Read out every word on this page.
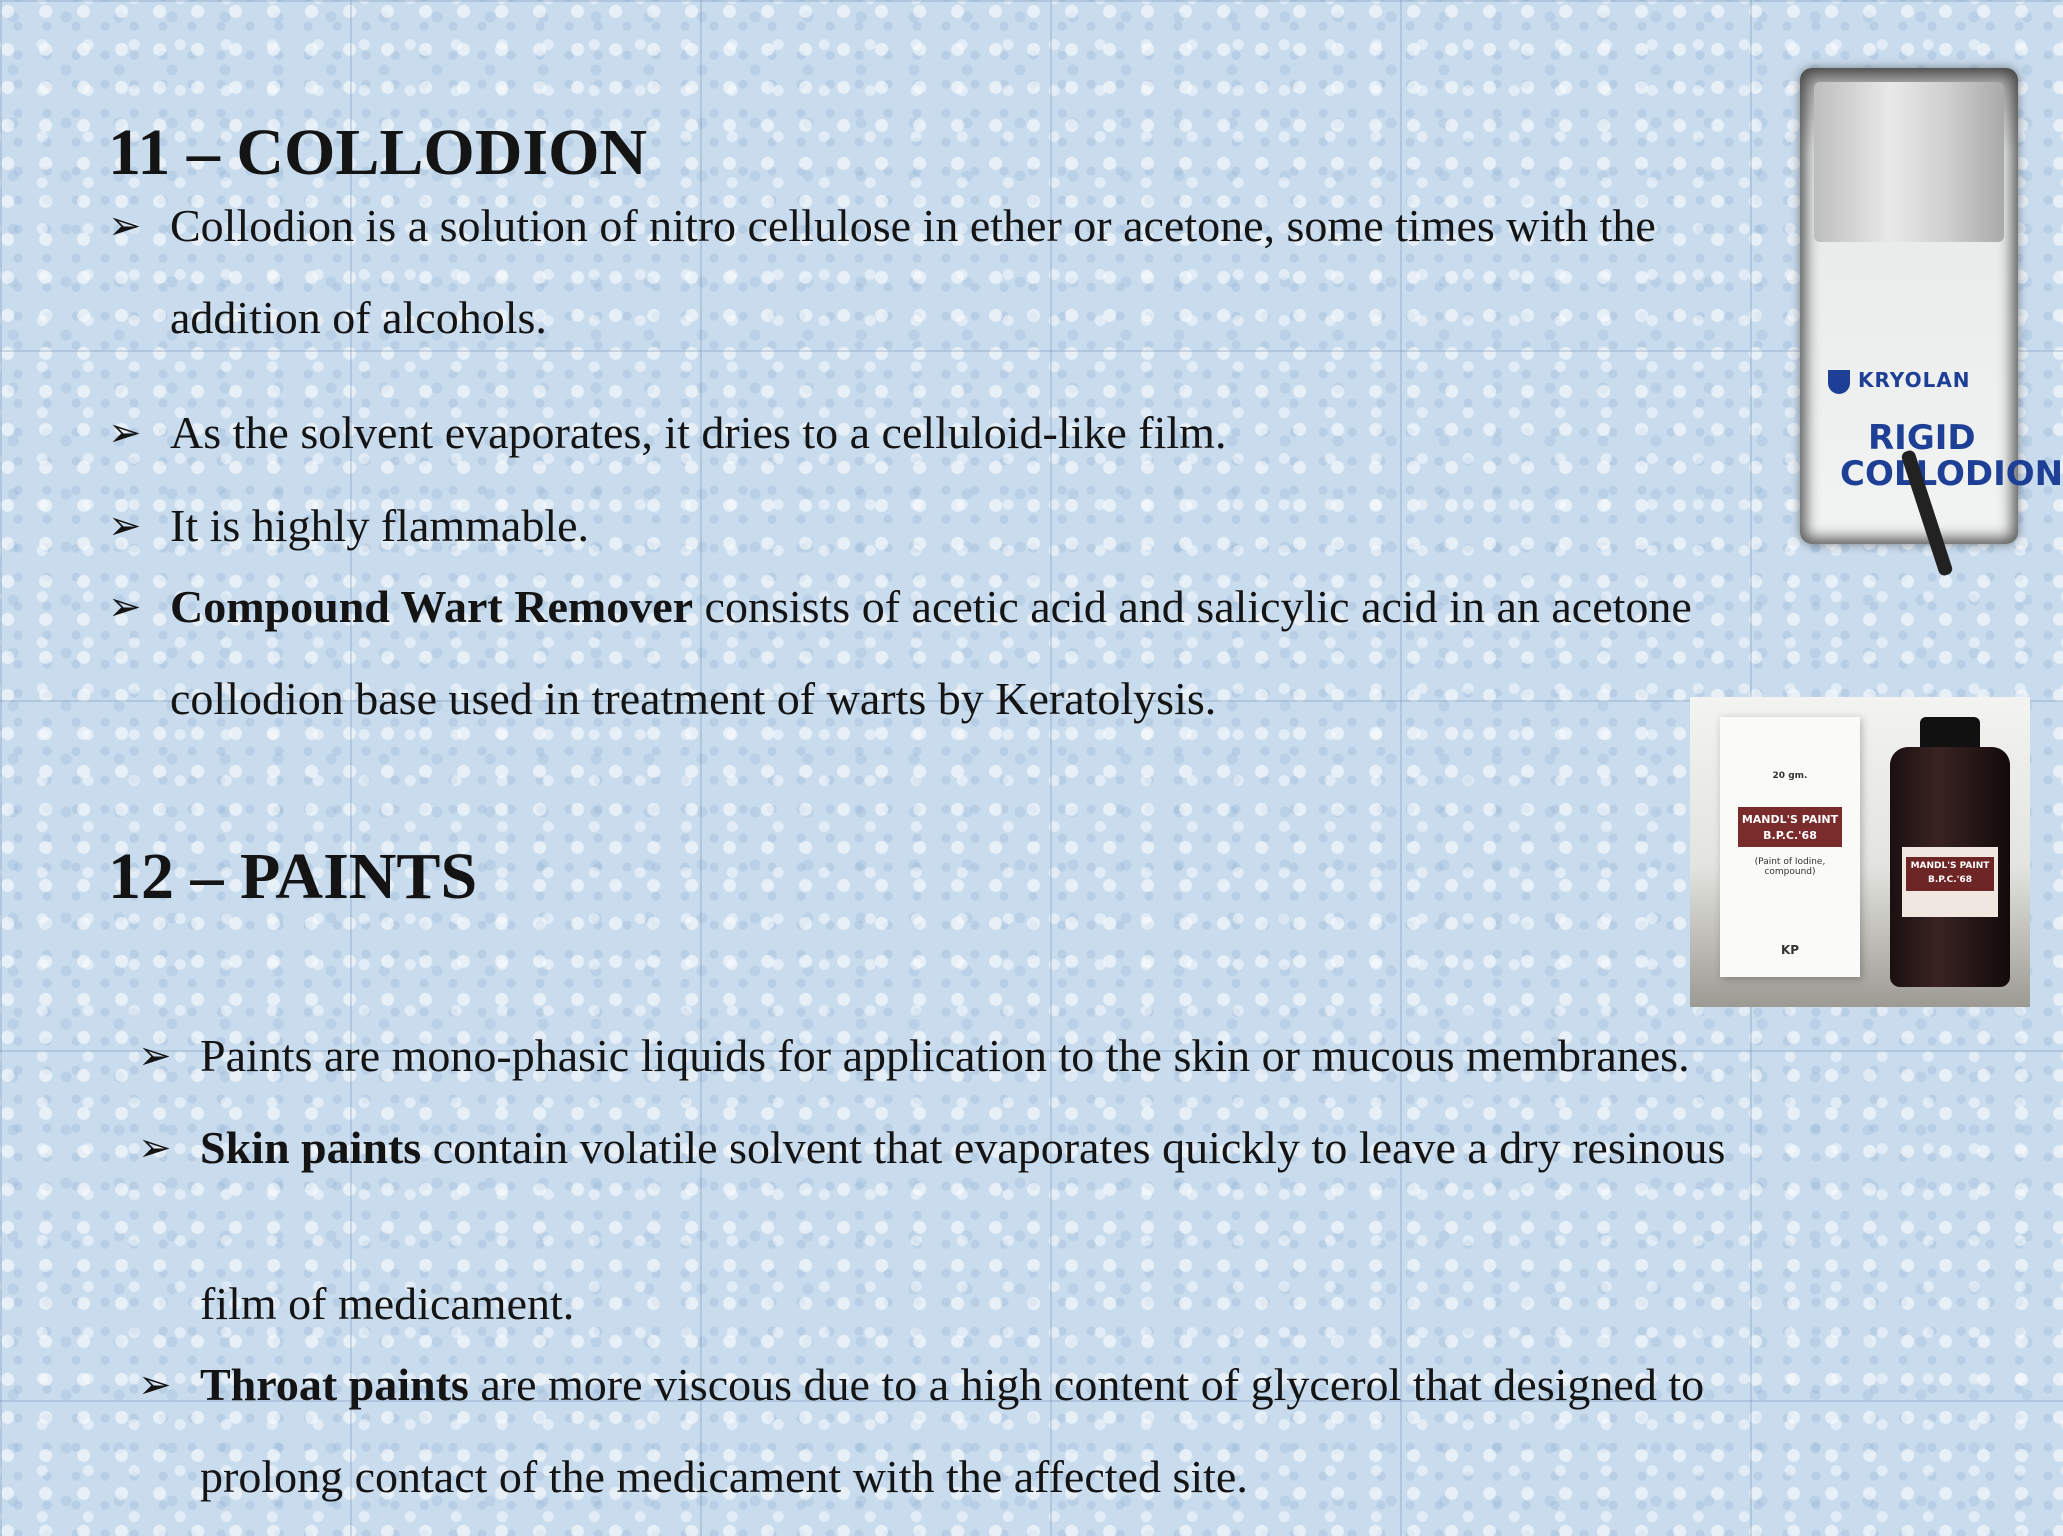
11 – COLLODION
➢ Collodion is a solution of nitro cellulose in ether or acetone, some times with the addition of alcohols.
➢ As the solvent evaporates, it dries to a celluloid-like film.
➢ It is highly flammable.
➢ Compound Wart Remover consists of acetic acid and salicylic acid in an acetone collodion base used in treatment of warts by Keratolysis.
12 – PAINTS
➢ Paints are mono-phasic liquids for application to the skin or mucous membranes.
➢ Skin paints contain volatile solvent that evaporates quickly to leave a dry resinous
film of medicament.
➢ Throat paints are more viscous due to a high content of glycerol that designed to prolong contact of the medicament with the affected site.
KRYOLAN
RIGID
COLLODION
20 gm.
MANDL'S PAINT
B.P.C.'68
(Paint of Iodine, compound)
KP
MANDL'S PAINT
B.P.C.'68
